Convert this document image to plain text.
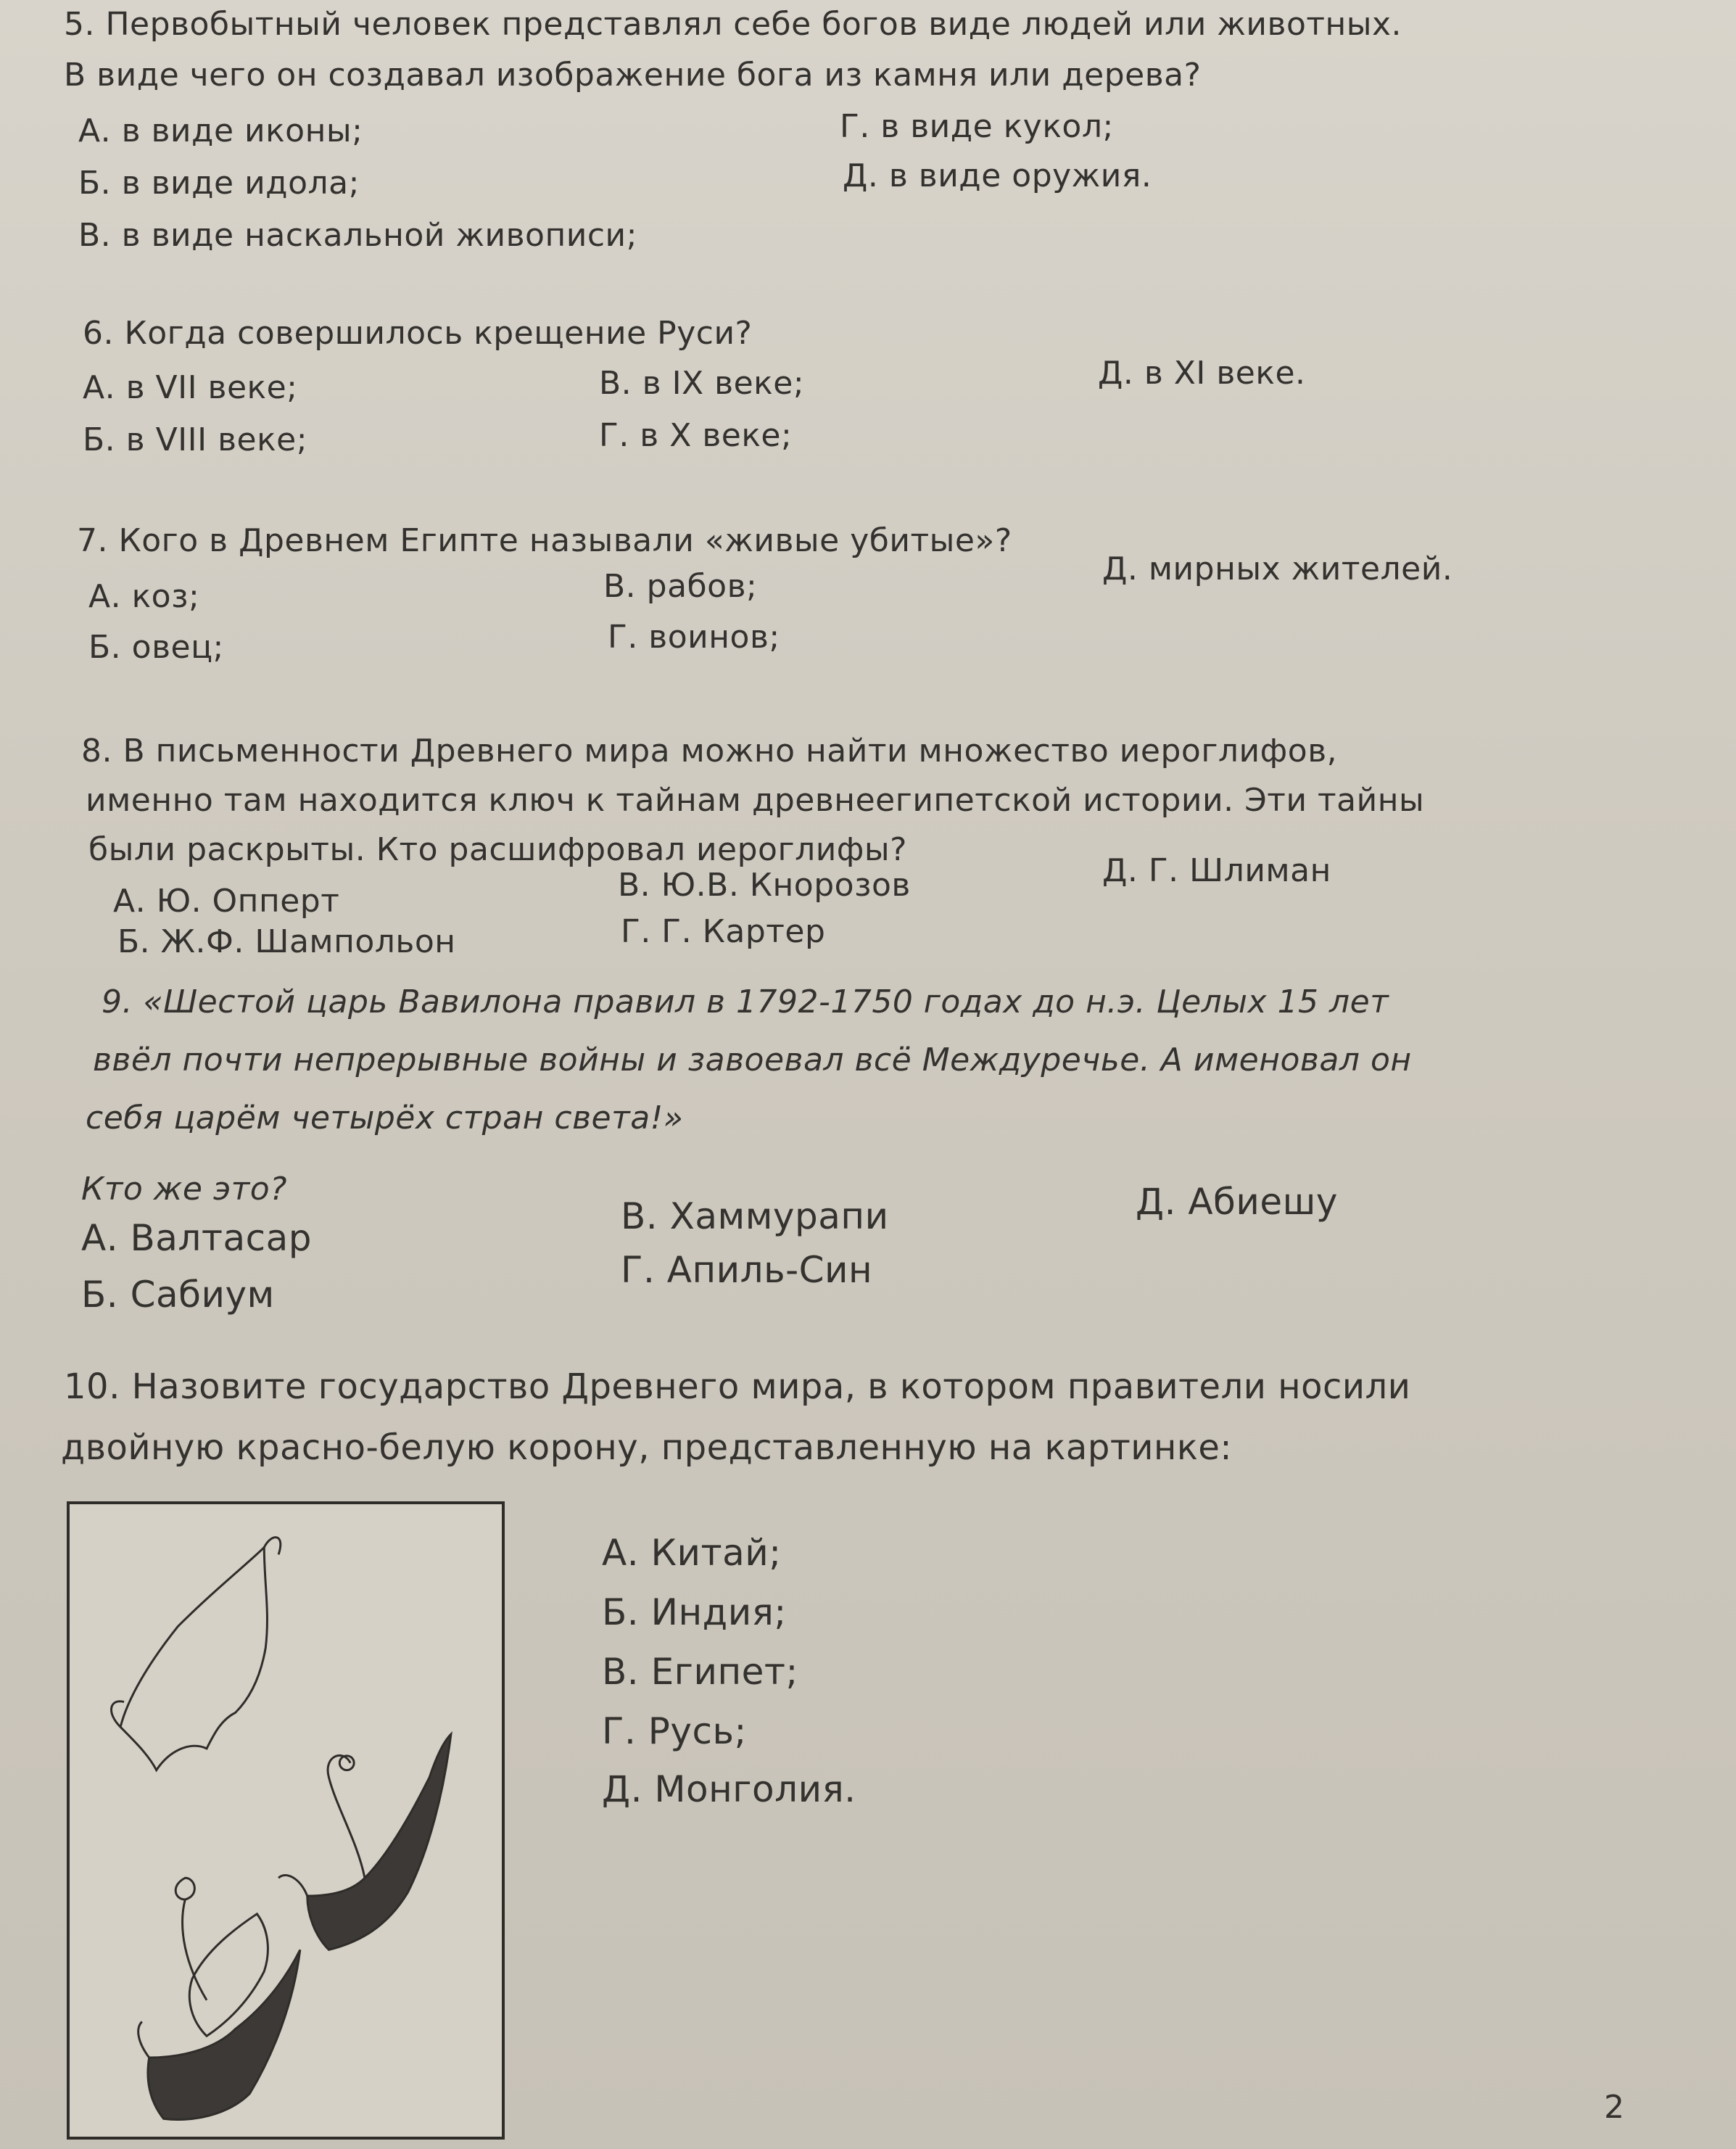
5. Первобытный человек представлял себе богов виде людей или животных.
В виде чего он создавал изображение бога из камня или дерева?
А. в виде иконы;
Б. в виде идола;
В. в виде наскальной живописи;
Г. в виде кукол;
Д. в виде оружия.
6. Когда совершилось крещение Руси?
А. в VII веке;
Б. в VIII веке;
В. в IX веке;
Г. в X веке;
Д. в XI веке.
7. Кого в Древнем Египте называли «живые убитые»?
А. коз;
Б. овец;
В. рабов;
Г. воинов;
Д. мирных жителей.
8. В письменности Древнего мира можно найти множество иероглифов,
именно там находится ключ к тайнам древнеегипетской истории. Эти тайны
были раскрыты. Кто расшифровал иероглифы?
А. Ю. Опперт
Б. Ж.Ф. Шампольон
В. Ю.В. Кнорозов
Г. Г. Картер
Д. Г. Шлиман
9. «Шестой царь Вавилона правил в 1792-1750 годах до н.э. Целых 15 лет
ввёл почти непрерывные войны и завоевал всё Междуречье. А именовал он
себя царём четырёх стран света!»
Кто же это?
А. Валтасар
Б. Сабиум
В. Хаммурапи
Г. Апиль-Син
Д. Абиешу
10. Назовите государство Древнего мира, в котором правители носили
двойную красно-белую корону, представленную на картинке:
А. Китай;
Б. Индия;
В. Египет;
Г. Русь;
Д. Монголия.
2
